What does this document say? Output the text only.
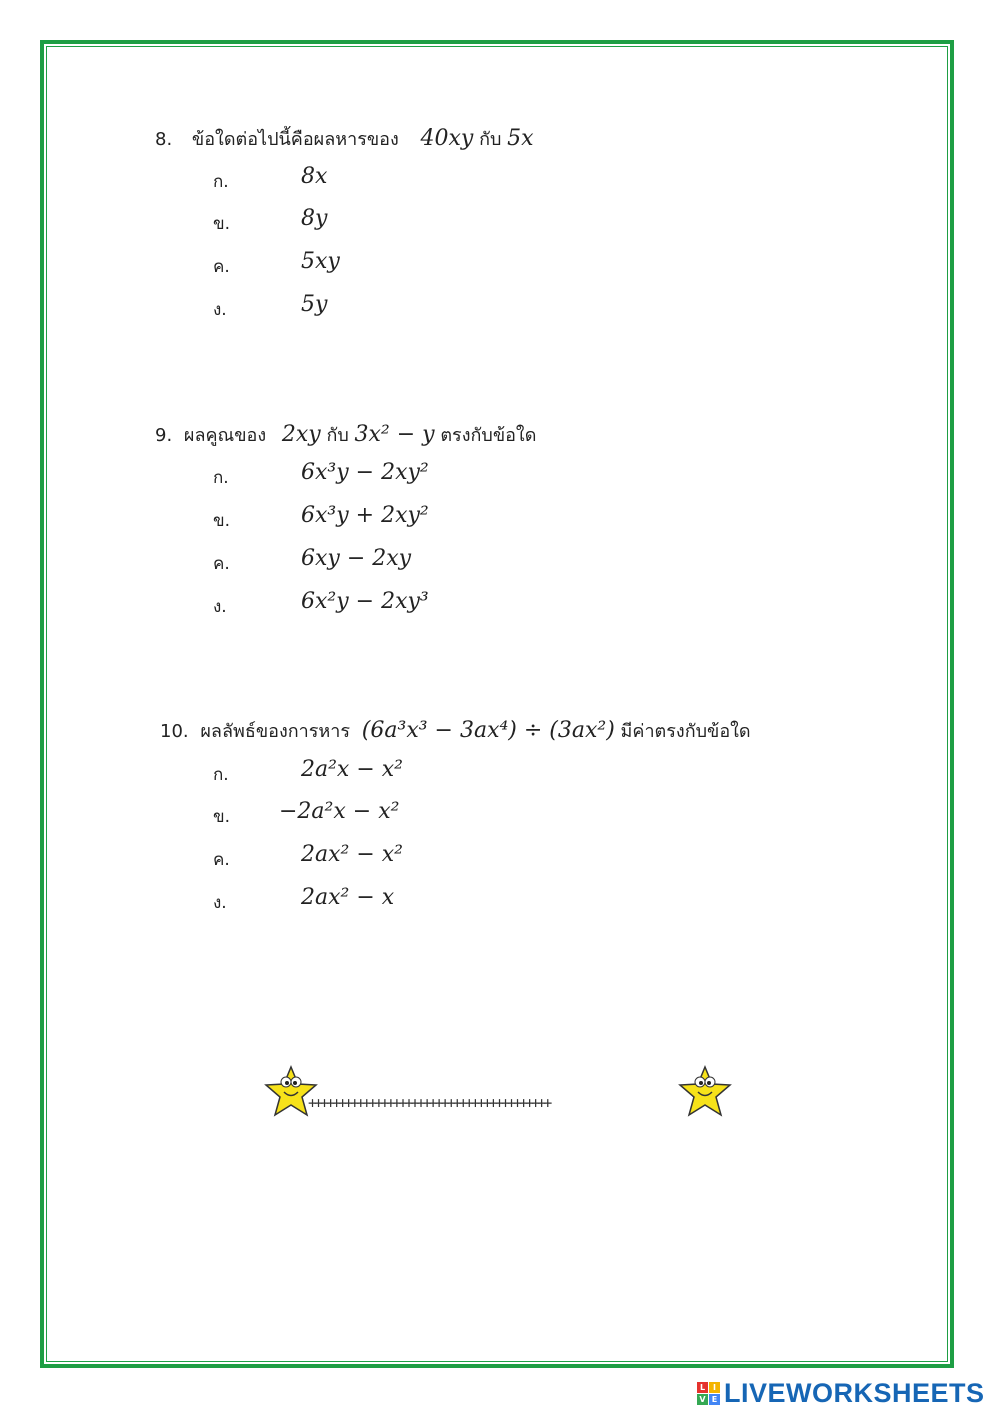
8. ข้อใดต่อไปนี้คือผลหารของ 40xy กับ 5x
ก.	8x
ข.	8y
ค.	5xy
ง.	5y
9. ผลคูณของ 2xy กับ 3x² − y ตรงกับข้อใด
ก.	6x³y − 2xy²
ข.	6x³y + 2xy²
ค.	6xy − 2xy
ง.	6x²y − 2xy³
10. ผลลัพธ์ของการหาร (6a³x³ − 3ax⁴) ÷ (3ax²) มีค่าตรงกับข้อใด
ก.	2a²x − x²
ข. −2a²x − x²
ค.	2ax² − x²
ง.	2ax² − x
++++++++++++++++++++++++++++++++++++++++
L I
V E LIVEWORKSHEETS
